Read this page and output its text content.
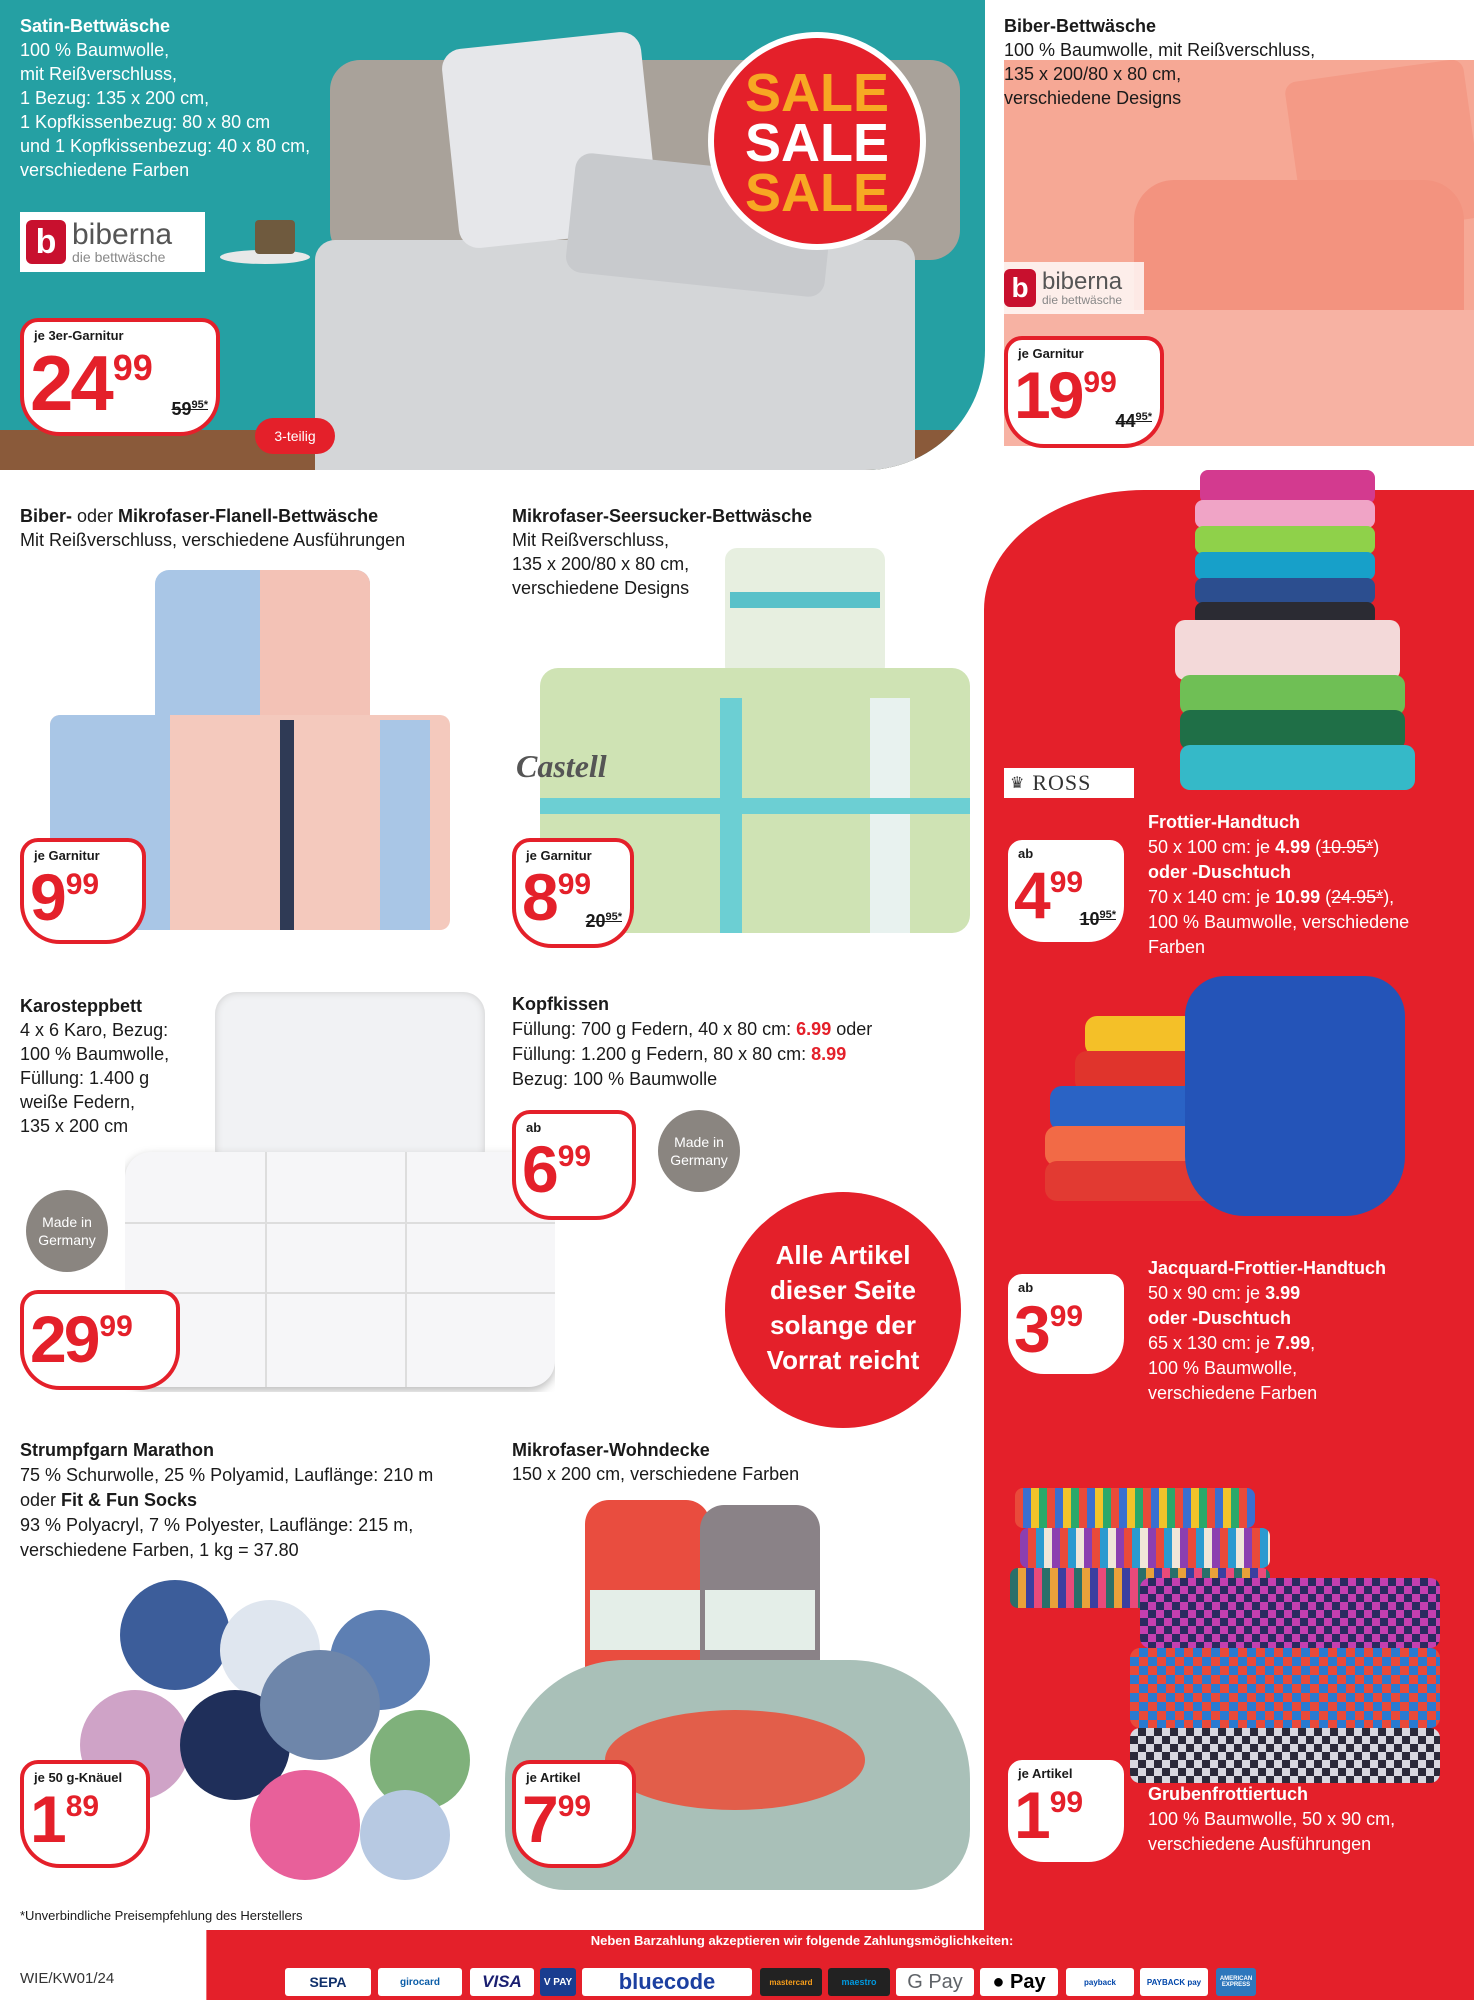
Satin-Bettwäsche
100 % Baumwolle,
mit Reißverschluss,
1 Bezug: 135 x 200 cm,
1 Kopfkissenbezug: 80 x 80 cm
und 1 Kopfkissenbezug: 40 x 80 cm,
verschiedene Farben
b biberna
die bettwäsche
je 3er-Garnitur
2499
$59^{95*}$
3-teilig
SALE
SALE
SALE
Biber-Bettwäsche
100 % Baumwolle, mit Reißverschluss,
135 x 200/80 x 80 cm,
verschiedene Designs
b biberna
die bettwäsche
je Garnitur
1999
$44^{95*}$
Biber- oder Mikrofaser-Flanell-Bettwäsche
Mit Reißverschluss, verschiedene Ausführungen
je Garnitur
999
Mikrofaser-Seersucker-Bettwäsche
Mit Reißverschluss,
135 x 200/80 x 80 cm,
verschiedene Designs
Castell
je Garnitur
899
$20^{95*}$
♛ ROSS
ab
499
$10^{95*}$
Frottier-Handtuch
50 x 100 cm: je 4.99 (10.95*)
oder -Duschtuch
70 x 140 cm: je 10.99 (24.95*),
100 % Baumwolle, verschiedene
Farben
Karosteppbett
4 x 6 Karo, Bezug:
100 % Baumwolle,
Füllung: 1.400 g
weiße Federn,
135 x 200 cm
Made in
Germany
2999
Kopfkissen
Füllung: 700 g Federn, 40 x 80 cm: 6.99 oder
Füllung: 1.200 g Federn, 80 x 80 cm: 8.99
Bezug: 100 % Baumwolle
ab
699	Made in
Germany
Alle Artikel
dieser Seite
solange der
Vorrat reicht
ab
399
Jacquard-Frottier-Handtuch
50 x 90 cm: je 3.99
oder -Duschtuch
65 x 130 cm: je 7.99,
100 % Baumwolle,
verschiedene Farben
Strumpfgarn Marathon
75 % Schurwolle, 25 % Polyamid, Lauflänge: 210 m
oder Fit & Fun Socks
93 % Polyacryl, 7 % Polyester, Lauflänge: 215 m,
verschiedene Farben, 1 kg = 37.80
je 50 g-Knäuel
189
Mikrofaser-Wohndecke
150 x 200 cm, verschiedene Farben
je Artikel
799
je Artikel
199	Grubenfrottiertuch
100 % Baumwolle, 50 x 90 cm,
verschiedene Ausführungen
*Unverbindliche Preisempfehlung des Herstellers
WIE/KW01/24
Neben Barzahlung akzeptieren wir folgende Zahlungsmöglichkeiten:
SEPA	girocard	VISA	V PAY	bluecode	mastercard	maestro	G Pay	● Pay	payback	PAYBACK pay	AMERICAN EXPRESS
